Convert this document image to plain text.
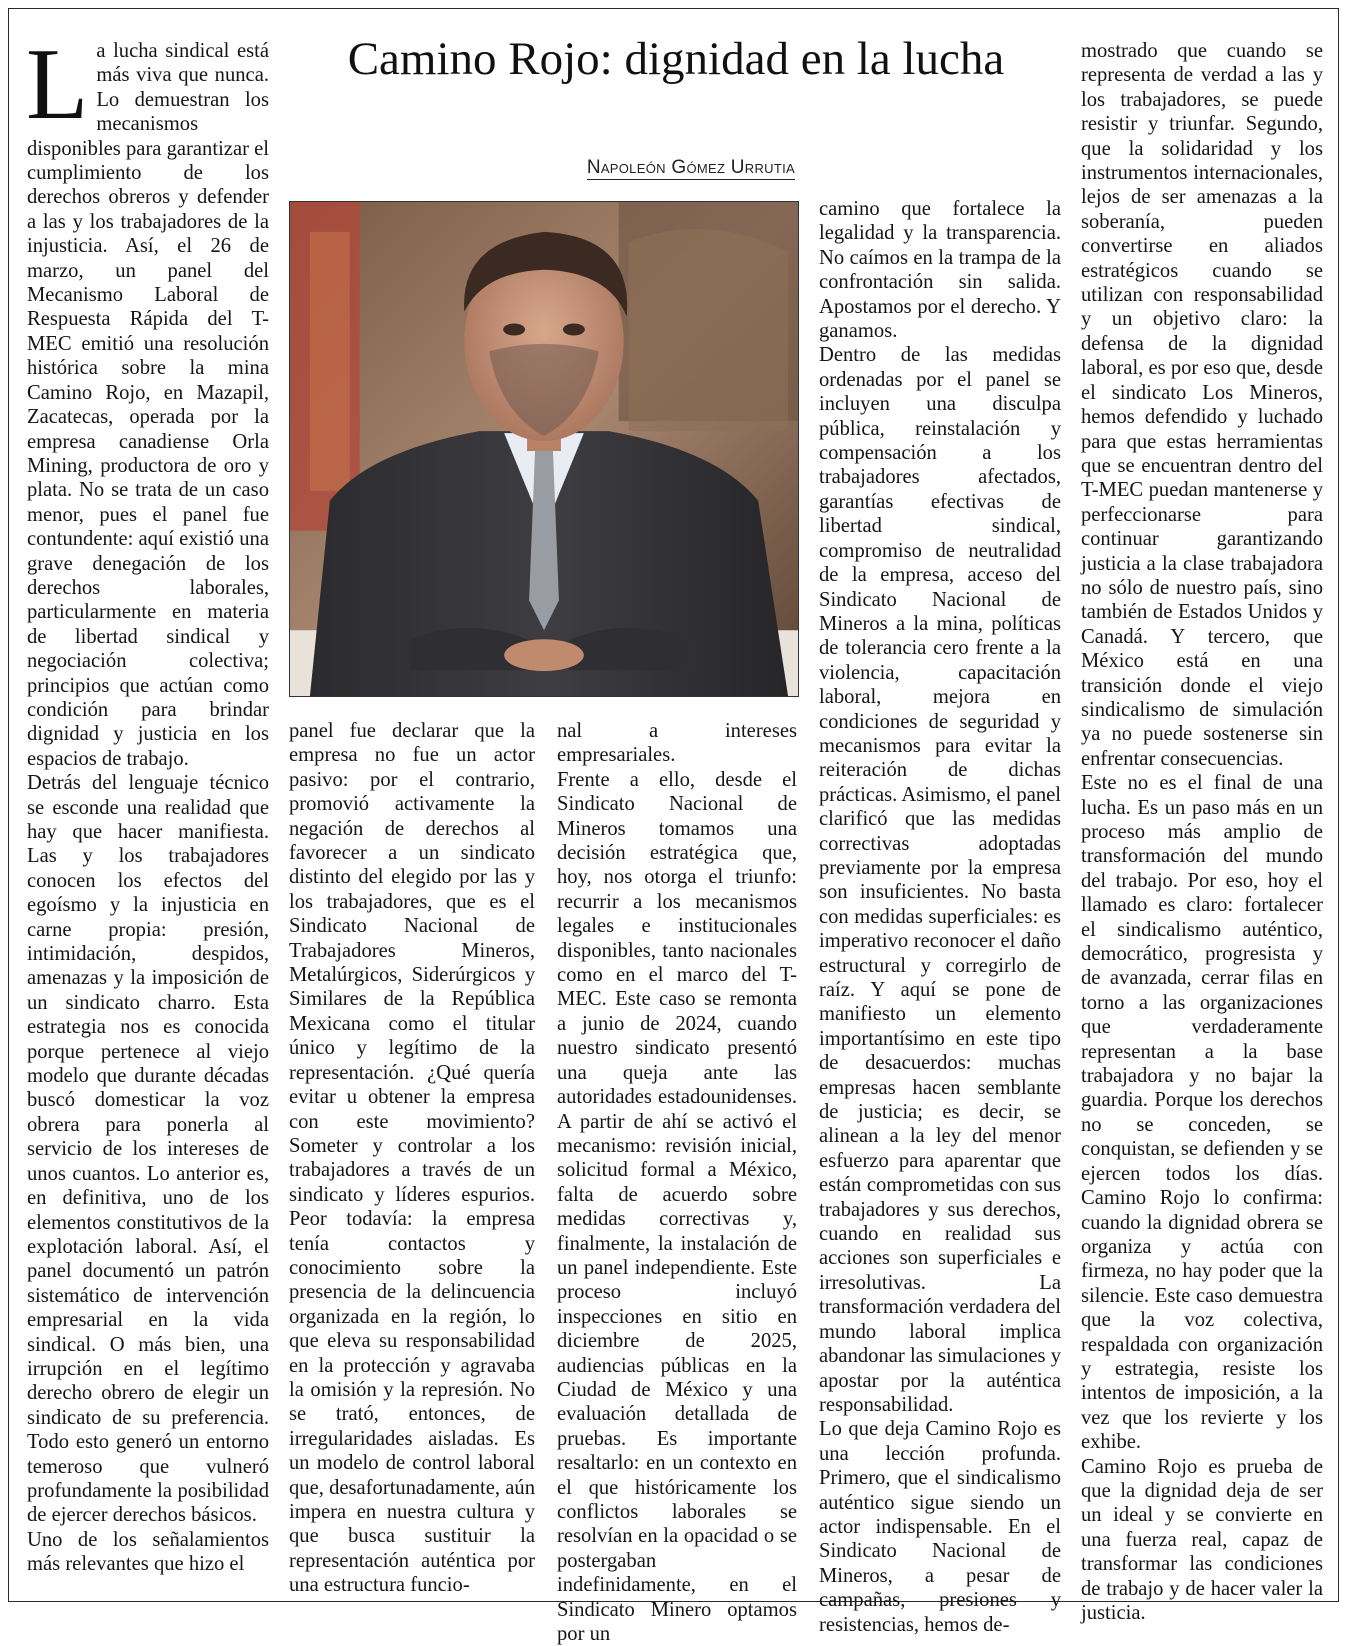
Camino Rojo: dignidad en la lucha
Napoleón Gómez Urrutia

La lucha sindical está más viva que nunca. Lo demuestran los mecanismos disponibles para garantizar el cumplimiento de los derechos obreros y defender a las y los trabajadores de la injusticia. Así, el 26 de marzo, un panel del Mecanismo Laboral de Respuesta Rápida del T-MEC emitió una resolución histórica sobre la mina Camino Rojo, en Mazapil, Zacatecas, operada por la empresa canadiense Orla Mining, productora de oro y plata. No se trata de un caso menor, pues el panel fue contundente: aquí existió una grave denegación de los derechos laborales, particularmente en materia de libertad sindical y negociación colectiva; principios que actúan como condición para brindar dignidad y justicia en los espacios de trabajo.

Detrás del lenguaje técnico se esconde una realidad que hay que hacer manifiesta. Las y los trabajadores conocen los efectos del egoísmo y la injusticia en carne propia: presión, intimidación, despidos, amenazas y la imposición de un sindicato charro. Esta estrategia nos es conocida porque pertenece al viejo modelo que durante décadas buscó domesticar la voz obrera para ponerla al servicio de los intereses de unos cuantos. Lo anterior es, en definitiva, uno de los elementos constitutivos de la explotación laboral. Así, el panel documentó un patrón sistemático de intervención empresarial en la vida sindical. O más bien, una irrupción en el legítimo derecho obrero de elegir un sindicato de su preferencia. Todo esto generó un entorno temeroso que vulneró profundamente la posibilidad de ejercer derechos básicos.

Uno de los señalamientos más relevantes que hizo el

panel fue declarar que la empresa no fue un actor pasivo: por el contrario, promovió activamente la negación de derechos al favorecer a un sindicato distinto del elegido por las y los trabajadores, que es el Sindicato Nacional de Trabajadores Mineros, Metalúrgicos, Siderúrgicos y Similares de la República Mexicana como el titular único y legítimo de la representación. ¿Qué quería evitar u obtener la empresa con este movimiento? Someter y controlar a los trabajadores a través de un sindicato y líderes espurios. Peor todavía: la empresa tenía contactos y conocimiento sobre la presencia de la delincuencia organizada en la región, lo que eleva su responsabilidad en la protección y agravaba la omisión y la represión. No se trató, entonces, de irregularidades aisladas. Es un modelo de control laboral que, desafortunadamente, aún impera en nuestra cultura y que busca sustituir la representación auténtica por una estructura funcio-

nal a intereses empresariales.

Frente a ello, desde el Sindicato Nacional de Mineros tomamos una decisión estratégica que, hoy, nos otorga el triunfo: recurrir a los mecanismos legales e institucionales disponibles, tanto nacionales como en el marco del T-MEC. Este caso se remonta a junio de 2024, cuando nuestro sindicato presentó una queja ante las autoridades estadounidenses. A partir de ahí se activó el mecanismo: revisión inicial, solicitud formal a México, falta de acuerdo sobre medidas correctivas y, finalmente, la instalación de un panel independiente. Este proceso incluyó inspecciones en sitio en diciembre de 2025, audiencias públicas en la Ciudad de México y una evaluación detallada de pruebas. Es importante resaltarlo: en un contexto en el que históricamente los conflictos laborales se resolvían en la opacidad o se postergaban indefinidamente, en el Sindicato Minero optamos por un

camino que fortalece la legalidad y la transparencia. No caímos en la trampa de la confrontación sin salida. Apostamos por el derecho. Y ganamos.

Dentro de las medidas ordenadas por el panel se incluyen una disculpa pública, reinstalación y compensación a los trabajadores afectados, garantías efectivas de libertad sindical, compromiso de neutralidad de la empresa, acceso del Sindicato Nacional de Mineros a la mina, políticas de tolerancia cero frente a la violencia, capacitación laboral, mejora en condiciones de seguridad y mecanismos para evitar la reiteración de dichas prácticas. Asimismo, el panel clarificó que las medidas correctivas adoptadas previamente por la empresa son insuficientes. No basta con medidas superficiales: es imperativo reconocer el daño estructural y corregirlo de raíz. Y aquí se pone de manifiesto un elemento importantísimo en este tipo de desacuerdos: muchas empresas hacen semblante de justicia; es decir, se alinean a la ley del menor esfuerzo para aparentar que están comprometidas con sus trabajadores y sus derechos, cuando en realidad sus acciones son superficiales e irresolutivas. La transformación verdadera del mundo laboral implica abandonar las simulaciones y apostar por la auténtica responsabilidad.

Lo que deja Camino Rojo es una lección profunda. Primero, que el sindicalismo auténtico sigue siendo un actor indispensable. En el Sindicato Nacional de Mineros, a pesar de campañas, presiones y resistencias, hemos de-

mostrado que cuando se representa de verdad a las y los trabajadores, se puede resistir y triunfar. Segundo, que la solidaridad y los instrumentos internacionales, lejos de ser amenazas a la soberanía, pueden convertirse en aliados estratégicos cuando se utilizan con responsabilidad y un objetivo claro: la defensa de la dignidad laboral, es por eso que, desde el sindicato Los Mineros, hemos defendido y luchado para que estas herramientas que se encuentran dentro del T-MEC puedan mantenerse y perfeccionarse para continuar garantizando justicia a la clase trabajadora no sólo de nuestro país, sino también de Estados Unidos y Canadá. Y tercero, que México está en una transición donde el viejo sindicalismo de simulación ya no puede sostenerse sin enfrentar consecuencias.

Este no es el final de una lucha. Es un paso más en un proceso más amplio de transformación del mundo del trabajo. Por eso, hoy el llamado es claro: fortalecer el sindicalismo auténtico, democrático, progresista y de avanzada, cerrar filas en torno a las organizaciones que verdaderamente representan a la base trabajadora y no bajar la guardia. Porque los derechos no se conceden, se conquistan, se defienden y se ejercen todos los días. Camino Rojo lo confirma: cuando la dignidad obrera se organiza y actúa con firmeza, no hay poder que la silencie. Este caso demuestra que la voz colectiva, respaldada con organización y estrategia, resiste los intentos de imposición, a la vez que los revierte y los exhibe.

Camino Rojo es prueba de que la dignidad deja de ser un ideal y se convierte en una fuerza real, capaz de transformar las condiciones de trabajo y de hacer valer la justicia.
